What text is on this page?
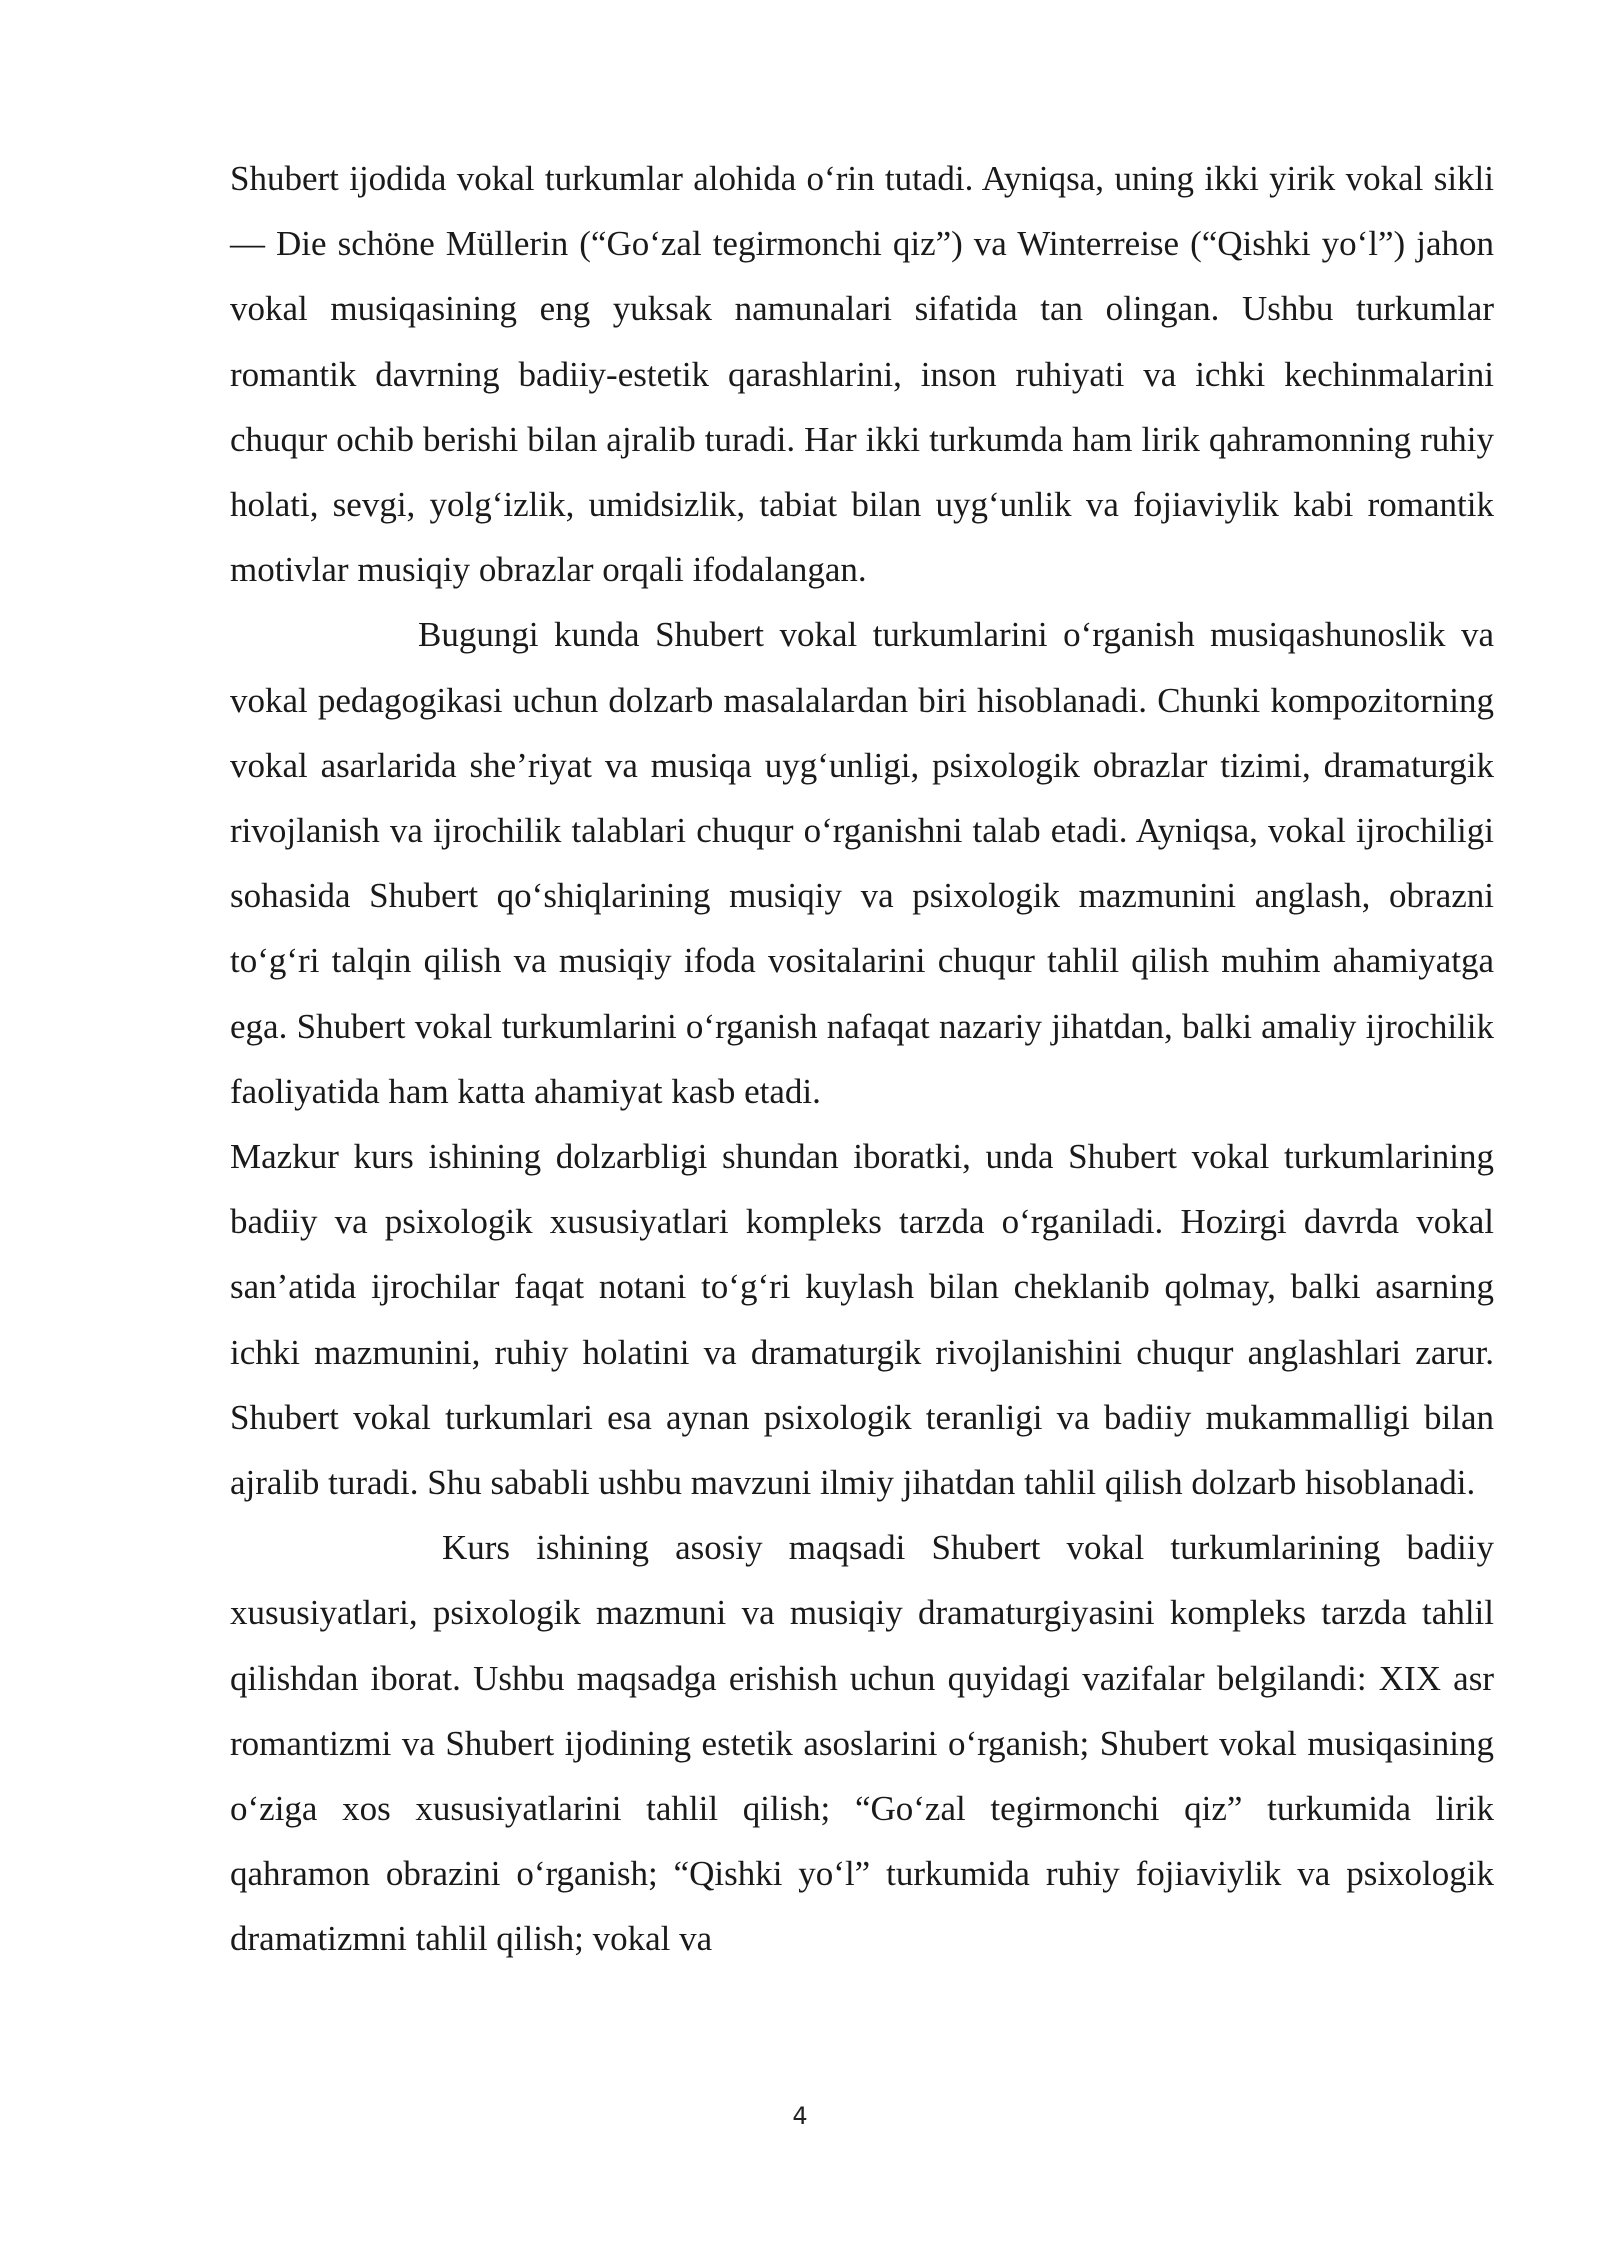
Shubert ijodida vokal turkumlar alohida o‘rin tutadi. Ayniqsa, uning ikki yirik vokal sikli — Die schöne Müllerin (“Go‘zal tegirmonchi qiz”) va Winterreise (“Qishki yo‘l”) jahon vokal musiqasining eng yuksak namunalari sifatida tan olingan. Ushbu turkumlar romantik davrning badiiy-estetik qarashlarini, inson ruhiyati va ichki kechinmalarini chuqur ochib berishi bilan ajralib turadi. Har ikki turkumda ham lirik qahramonning ruhiy holati, sevgi, yolg‘izlik, umidsizlik, tabiat bilan uyg‘unlik va fojiaviylik kabi romantik motivlar musiqiy obrazlar orqali ifodalangan.

Bugungi kunda Shubert vokal turkumlarini o‘rganish musiqashunoslik va vokal pedagogikasi uchun dolzarb masalalardan biri hisoblanadi. Chunki kompozitorning vokal asarlarida she’riyat va musiqa uyg‘unligi, psixologik obrazlar tizimi, dramaturgik rivojlanish va ijrochilik talablari chuqur o‘rganishni talab etadi. Ayniqsa, vokal ijrochiligi sohasida Shubert qo‘shiqlarining musiqiy va psixologik mazmunini anglash, obrazni to‘g‘ri talqin qilish va musiqiy ifoda vositalarini chuqur tahlil qilish muhim ahamiyatga ega. Shubert vokal turkumlarini o‘rganish nafaqat nazariy jihatdan, balki amaliy ijrochilik faoliyatida ham katta ahamiyat kasb etadi.

Mazkur kurs ishining dolzarbligi shundan iboratki, unda Shubert vokal turkumlarining badiiy va psixologik xususiyatlari kompleks tarzda o‘rganiladi. Hozirgi davrda vokal san’atida ijrochilar faqat notani to‘g‘ri kuylash bilan cheklanib qolmay, balki asarning ichki mazmunini, ruhiy holatini va dramaturgik rivojlanishini chuqur anglashlari zarur. Shubert vokal turkumlari esa aynan psixologik teranligi va badiiy mukammalligi bilan ajralib turadi. Shu sababli ushbu mavzuni ilmiy jihatdan tahlil qilish dolzarb hisoblanadi.

Kurs ishining asosiy maqsadi Shubert vokal turkumlarining badiiy xususiyatlari, psixologik mazmuni va musiqiy dramaturgiyasini kompleks tarzda tahlil qilishdan iborat. Ushbu maqsadga erishish uchun quyidagi vazifalar belgilandi: XIX asr romantizmi va Shubert ijodining estetik asoslarini o‘rganish; Shubert vokal musiqasining o‘ziga xos xususiyatlarini tahlil qilish; “Go‘zal tegirmonchi qiz” turkumida lirik qahramon obrazini o‘rganish; “Qishki yo‘l” turkumida ruhiy fojiaviylik va psixologik dramatizmni tahlil qilish; vokal va

4
